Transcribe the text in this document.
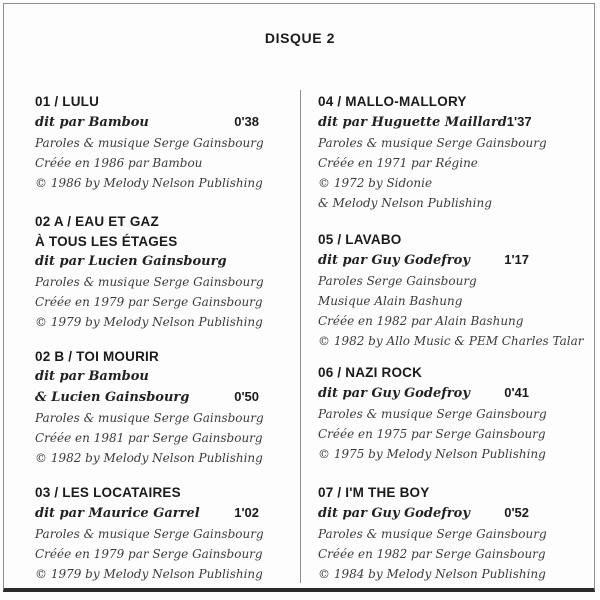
DISQUE 2
01 / LULU
dit par Bambou	0'38
Paroles & musique Serge Gainsbourg
Créée en 1986 par Bambou
© 1986 by Melody Nelson Publishing
02 A / EAU ET GAZ
À TOUS LES ÉTAGES
dit par Lucien Gainsbourg
Paroles & musique Serge Gainsbourg
Créée en 1979 par Serge Gainsbourg
© 1979 by Melody Nelson Publishing
02 B / TOI MOURIR
dit par Bambou
& Lucien Gainsbourg	0'50
Paroles & musique Serge Gainsbourg
Créée en 1981 par Serge Gainsbourg
© 1982 by Melody Nelson Publishing
03 / LES LOCATAIRES
dit par Maurice Garrel	1'02
Paroles & musique Serge Gainsbourg
Créée en 1979 par Serge Gainsbourg
© 1979 by Melody Nelson Publishing
04 / MALLO-MALLORY
dit par Huguette Maillard 1'37
Paroles & musique Serge Gainsbourg
Créée en 1971 par Régine
© 1972 by Sidonie
& Melody Nelson Publishing
05 / LAVABO
dit par Guy Godefroy	1'17
Paroles Serge Gainsbourg
Musique Alain Bashung
Créée en 1982 par Alain Bashung
© 1982 by Allo Music & PEM Charles Talar
06 / NAZI ROCK
dit par Guy Godefroy	0'41
Paroles & musique Serge Gainsbourg
Créée en 1975 par Serge Gainsbourg
© 1975 by Melody Nelson Publishing
07 / I'M THE BOY
dit par Guy Godefroy	0'52
Paroles & musique Serge Gainsbourg
Créée en 1982 par Serge Gainsbourg
© 1984 by Melody Nelson Publishing
